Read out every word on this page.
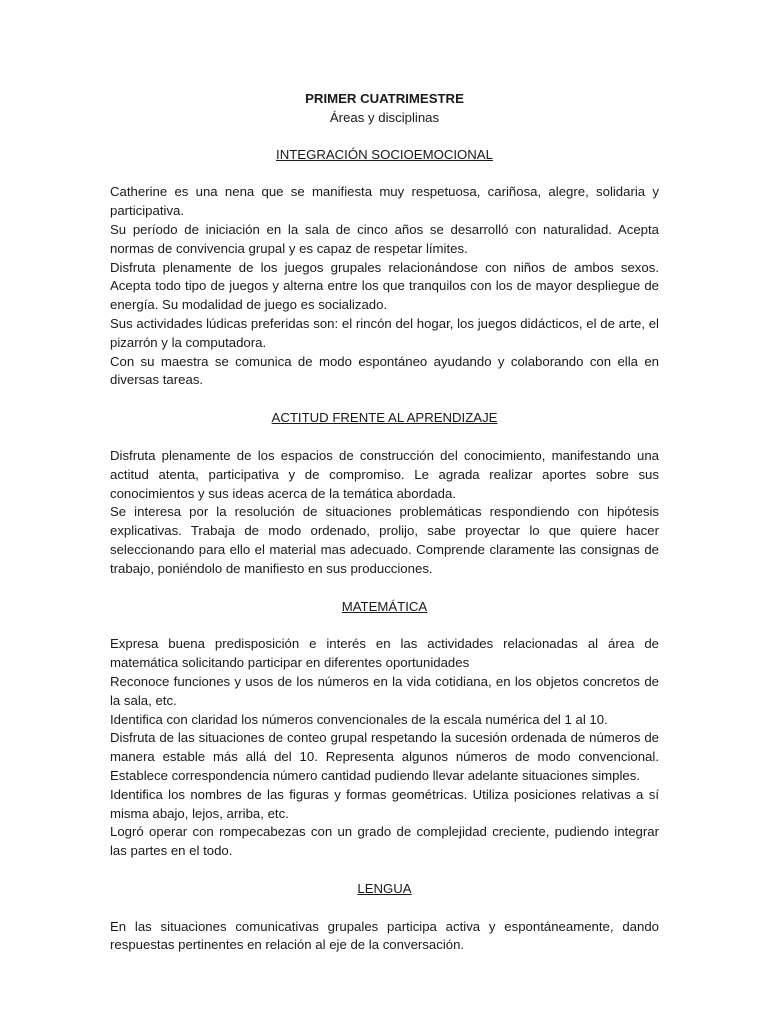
PRIMER CUATRIMESTRE

Áreas y disciplinas

INTEGRACIÓN SOCIOEMOCIONAL

Catherine es una nena que se manifiesta muy respetuosa, cariñosa, alegre, solidaria y participativa.

Su período de iniciación en la sala de cinco años se desarrolló con naturalidad. Acepta normas de convivencia grupal y es capaz de respetar límites.

Disfruta plenamente de los juegos grupales relacionándose con niños de ambos sexos. Acepta todo tipo de juegos y alterna entre los que tranquilos con los de mayor despliegue de energía. Su modalidad de juego es socializado.

Sus actividades lúdicas preferidas son: el rincón del hogar, los juegos didácticos, el de arte, el pizarrón y la computadora.

Con su maestra se comunica de modo espontáneo ayudando y colaborando con ella en diversas tareas.

ACTITUD FRENTE AL APRENDIZAJE

Disfruta plenamente de los espacios de construcción del conocimiento, manifestando una actitud atenta, participativa y de compromiso. Le agrada realizar aportes sobre sus conocimientos y sus ideas acerca de la temática abordada.

Se interesa por la resolución de situaciones problemáticas respondiendo con hipótesis explicativas. Trabaja de modo ordenado, prolijo, sabe proyectar lo que quiere hacer seleccionando para ello el material mas adecuado. Comprende claramente las consignas de trabajo, poniéndolo de manifiesto en sus producciones.

MATEMÁTICA

Expresa buena predisposición e interés en las actividades relacionadas al área de matemática solicitando participar en diferentes oportunidades

Reconoce funciones y usos de los números en la vida cotidiana, en los objetos concretos de la sala, etc.

Identifica con claridad los números convencionales de la escala numérica del 1 al 10.

Disfruta de las situaciones de conteo grupal respetando la sucesión ordenada de números de manera estable más allá del 10. Representa algunos números de modo convencional. Establece correspondencia número cantidad pudiendo llevar adelante situaciones simples.

Identifica los nombres de las figuras y formas geométricas. Utiliza posiciones relativas a sí misma abajo, lejos, arriba, etc.

Logró operar con rompecabezas con un grado de complejidad creciente, pudiendo integrar las partes en el todo.

LENGUA

En las situaciones comunicativas grupales participa activa y espontáneamente, dando respuestas pertinentes en relación al eje de la conversación.
